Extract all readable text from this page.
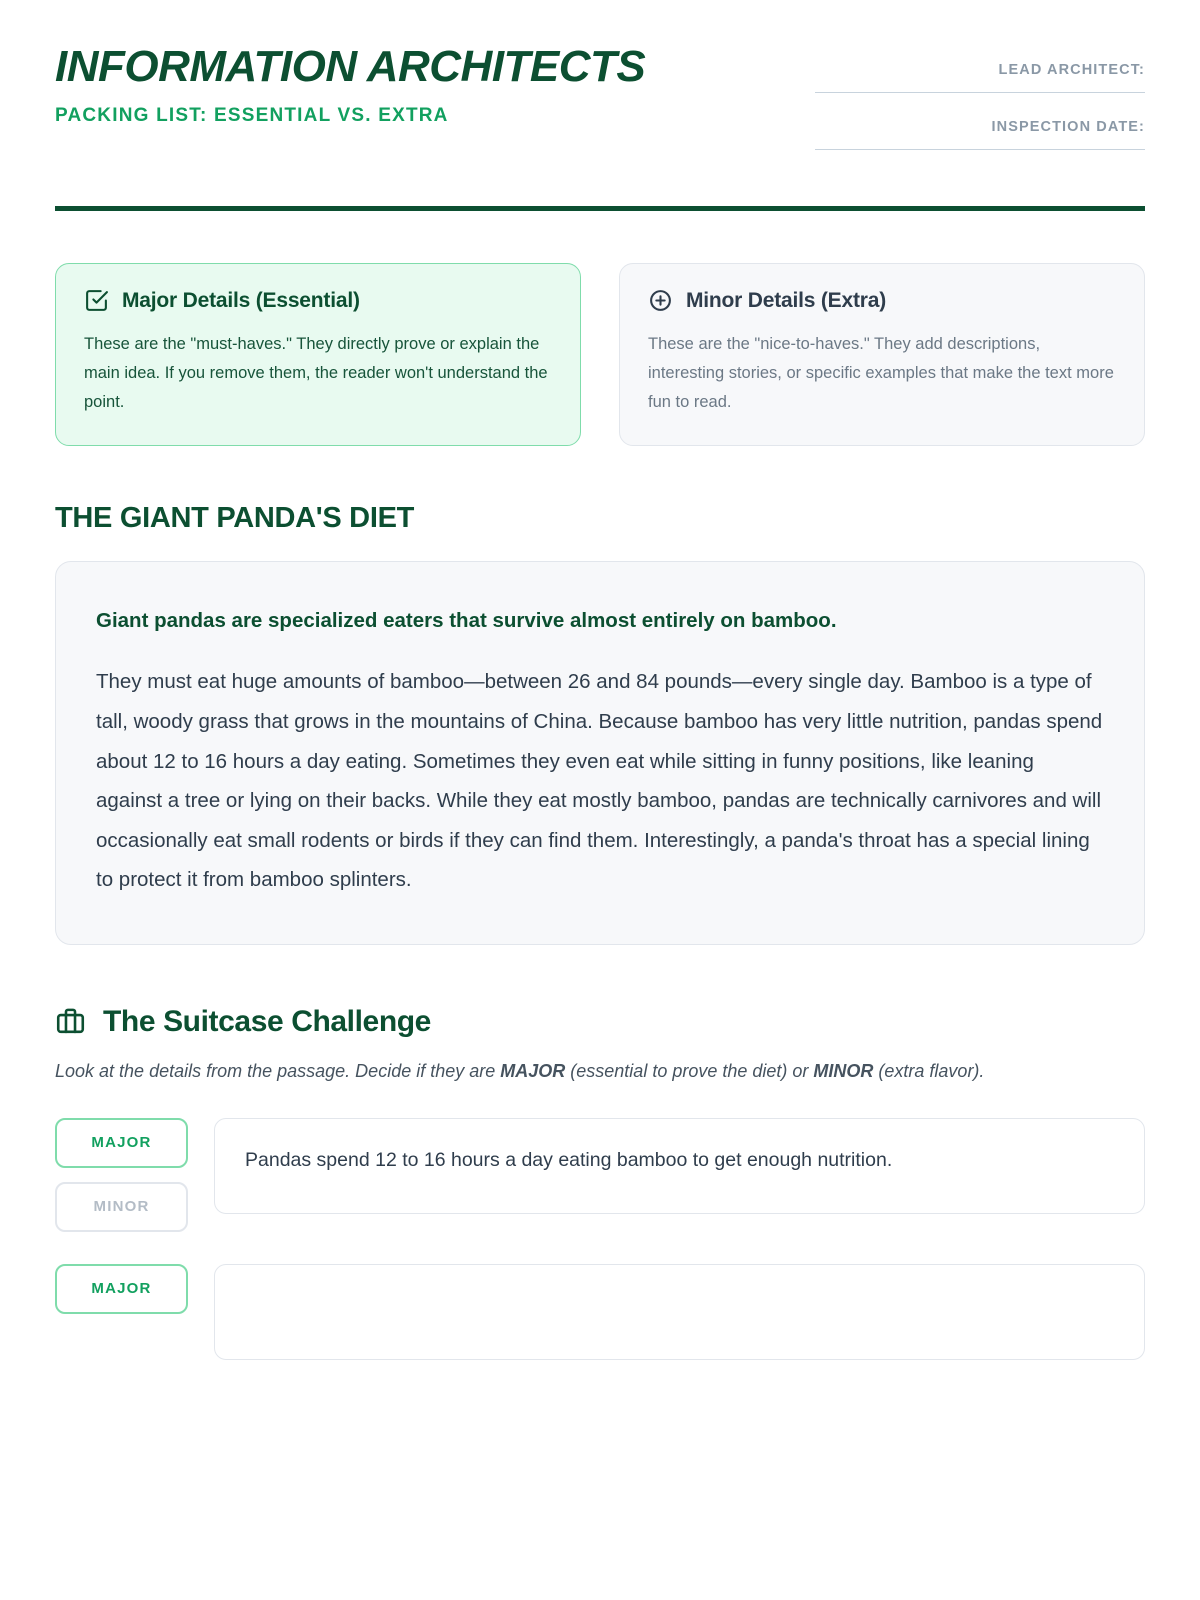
INFORMATION ARCHITECTS
PACKING LIST: ESSENTIAL VS. EXTRA
LEAD ARCHITECT:
INSPECTION DATE:
Major Details (Essential)
These are the "must-haves." They directly prove or explain the main idea. If you remove them, the reader won't understand the point.
Minor Details (Extra)
These are the "nice-to-haves." They add descriptions, interesting stories, or specific examples that make the text more fun to read.
THE GIANT PANDA'S DIET

Giant pandas are specialized eaters that survive almost entirely on bamboo.

They must eat huge amounts of bamboo—between 26 and 84 pounds—every single day. Bamboo is a type of tall, woody grass that grows in the mountains of China. Because bamboo has very little nutrition, pandas spend about 12 to 16 hours a day eating. Sometimes they even eat while sitting in funny positions, like leaning against a tree or lying on their backs. While they eat mostly bamboo, pandas are technically carnivores and will occasionally eat small rodents or birds if they can find them. Interestingly, a panda's throat has a special lining to protect it from bamboo splinters.

The Suitcase Challenge
Look at the details from the passage. Decide if they are MAJOR (essential to prove the diet) or MINOR (extra flavor).
MAJOR
MINOR
Pandas spend 12 to 16 hours a day eating bamboo to get enough nutrition.
MAJOR
